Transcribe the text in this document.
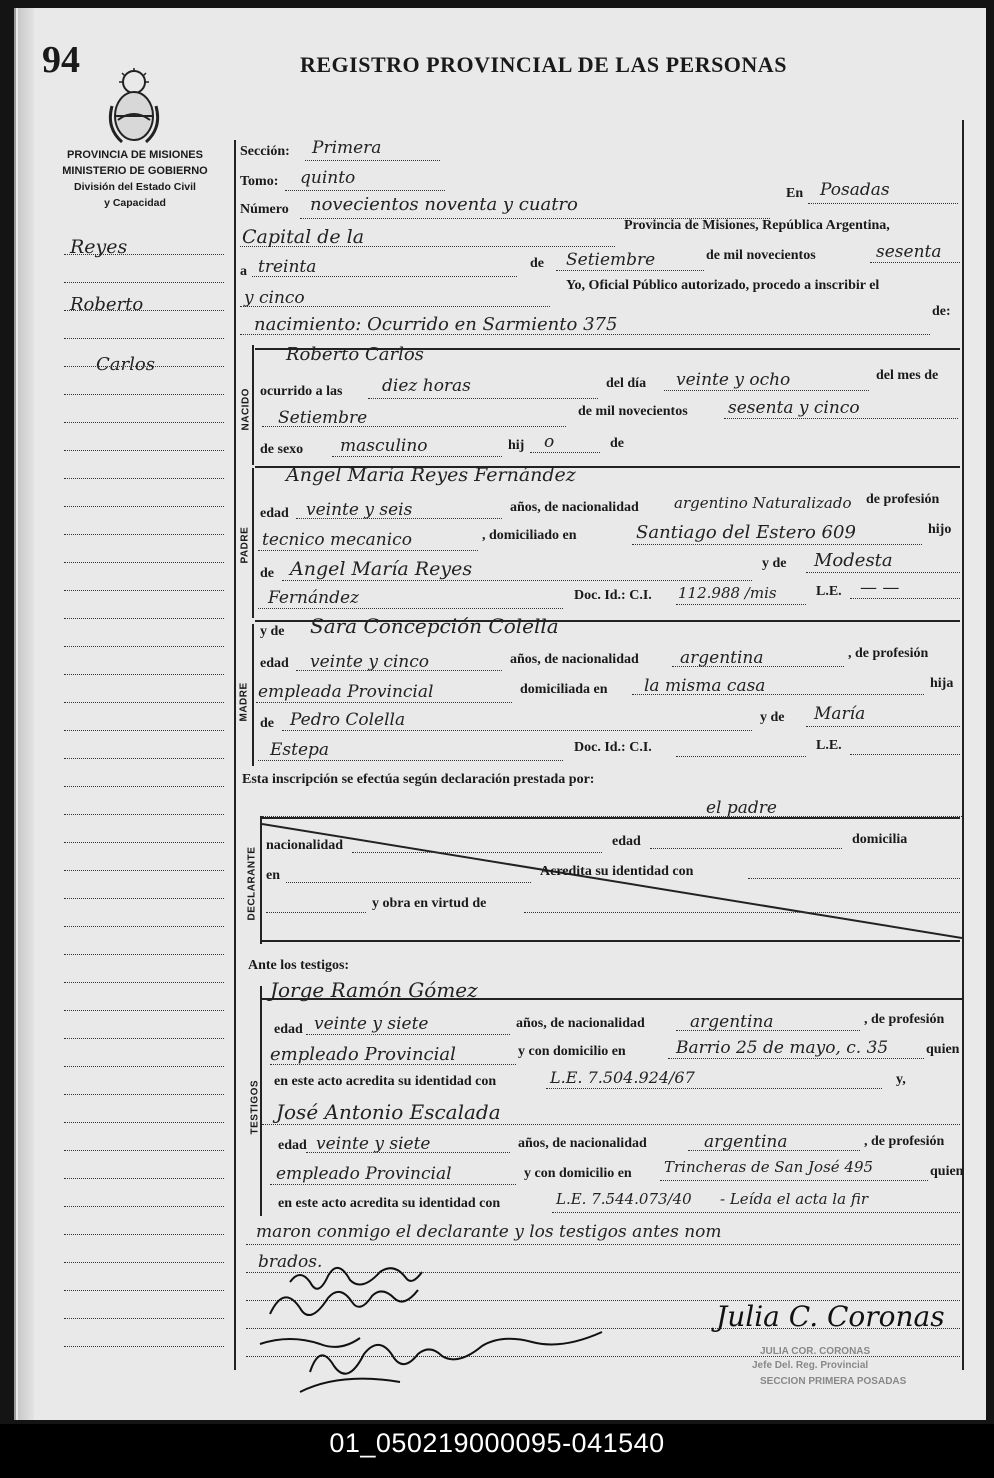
94	REGISTRO PROVINCIAL DE LAS PERSONAS
PROVINCIA DE MISIONES
MINISTERIO DE GOBIERNO
División del Estado Civil
y Capacidad
Reyes
Roberto
Carlos
NACIDO
PADRE
MADRE
DECLARANTE
TESTIGOS
Sección: Primera
Tomo: quinto
Número novecientos noventa y cuatro
En Posadas
Capital de la
Provincia de Misiones, República Argentina,
a treinta	de Setiembre	de mil novecientos	sesenta
y cinco
Yo, Oficial Público autorizado, procedo a inscribir el
nacimiento: Ocurrido en Sarmiento 375
de:
Roberto Carlos
ocurrido a las diez horas	del día veinte y ocho	del mes de
Setiembre	de mil novecientos sesenta y cinco
de sexo masculino	hij o	de
Angel María Reyes Fernández
edad veinte y seis	años, de nacionalidad argentino Naturalizado de profesión
tecnico mecanico	, domiciliado en	Santiago del Estero 609	hijo
de Angel María Reyes	y de Modesta
Fernández	Doc. Id.: C.I. 112.988 /mis	L.E. — —
y de Sara Concepción Colella
edad veinte y cinco	años, de nacionalidad argentina	, de profesión
empleada Provincial	domiciliada en la misma casa	hija
de Pedro Colella	y de María
Estepa	Doc. Id.: C.I.	L.E.
Esta inscripción se efectúa según declaración prestada por:
el padre
nacionalidad	edad	domicilia
en	Acredita su identidad con
y obra en virtud de
Ante los testigos:
Jorge Ramón Gómez
edad veinte y siete	años, de nacionalidad	argentina	, de profesión
empleado Provincial	y con domicilio en	Barrio 25 de mayo, c. 35	quien
en este acto acredita su identidad con	L.E. 7.504.924/67	y,
José Antonio Escalada
edad veinte y siete	años, de nacionalidad	argentina	, de profesión
empleado Provincial	y con domicilio en Trincheras de San José 495	quien
en este acto acredita su identidad con	L.E. 7.544.073/40 - Leída el acta la fir
maron conmigo el declarante y los testigos antes nom
brados.
Julia C. Coronas
JULIA COR. CORONAS
Jefe Del. Reg. Provincial
SECCION PRIMERA POSADAS
01_050219000095-041540
